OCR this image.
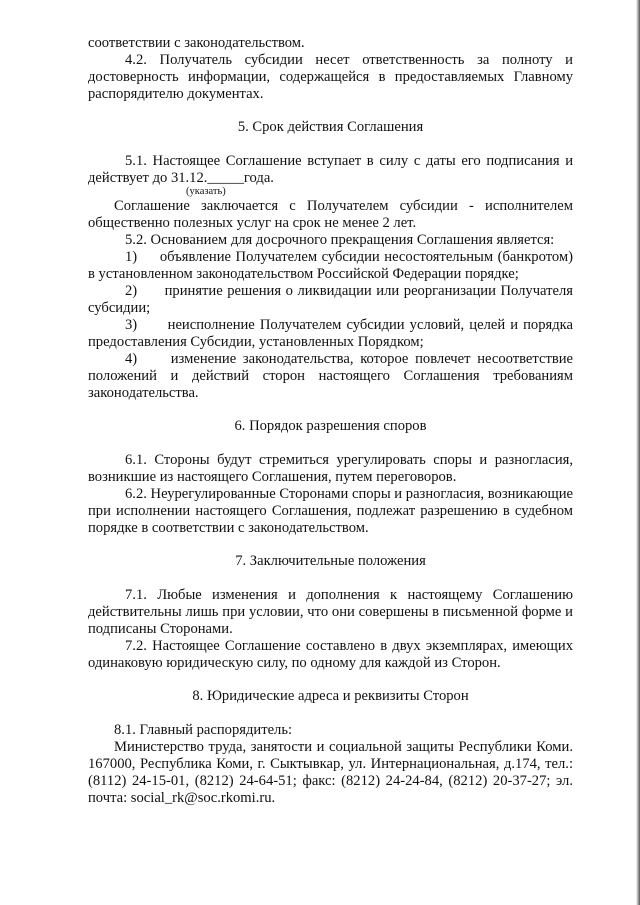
соответствии с законодательством.

4.2. Получатель субсидии несет ответственность за полноту и достоверность информации, содержащейся в предоставляемых Главному распорядителю документах.

5. Срок действия Соглашения

5.1. Настоящее Соглашение вступает в силу с даты его подписания и действует до 31.12._____года.

(указать)

Соглашение заключается с Получателем субсидии - исполнителем общественно полезных услуг на срок не менее 2 лет.

5.2. Основанием для досрочного прекращения Соглашения является:

1)     объявление Получателем субсидии несостоятельным (банкротом) в установленном законодательством Российской Федерации порядке;

2)      принятие решения о ликвидации или реорганизации Получателя субсидии;

3)      неисполнение Получателем субсидии условий, целей и порядка предоставления Субсидии, установленных Порядком;

4)     изменение законодательства, которое повлечет несоответствие положений и действий сторон настоящего Соглашения требованиям законодательства.

6. Порядок разрешения споров

6.1. Стороны будут стремиться урегулировать споры и разногласия, возникшие из настоящего Соглашения, путем переговоров.

6.2. Неурегулированные Сторонами споры и разногласия, возникающие при исполнении настоящего Соглашения, подлежат разрешению в судебном порядке в соответствии с законодательством.

7. Заключительные положения

7.1. Любые изменения и дополнения к настоящему Соглашению действительны лишь при условии, что они совершены в письменной форме и подписаны Сторонами.

7.2. Настоящее Соглашение составлено в двух экземплярах, имеющих одинаковую юридическую силу, по одному для каждой из Сторон.

8. Юридические адреса и реквизиты Сторон

8.1. Главный распорядитель:

Министерство труда, занятости и социальной защиты Республики Коми. 167000, Республика Коми, г. Сыктывкар, ул. Интернациональная, д.174, тел.: (8112) 24-15-01, (8212) 24-64-51; факс: (8212) 24-24-84, (8212) 20-37-27; эл. почта: social_rk@soc.rkomi.ru.
